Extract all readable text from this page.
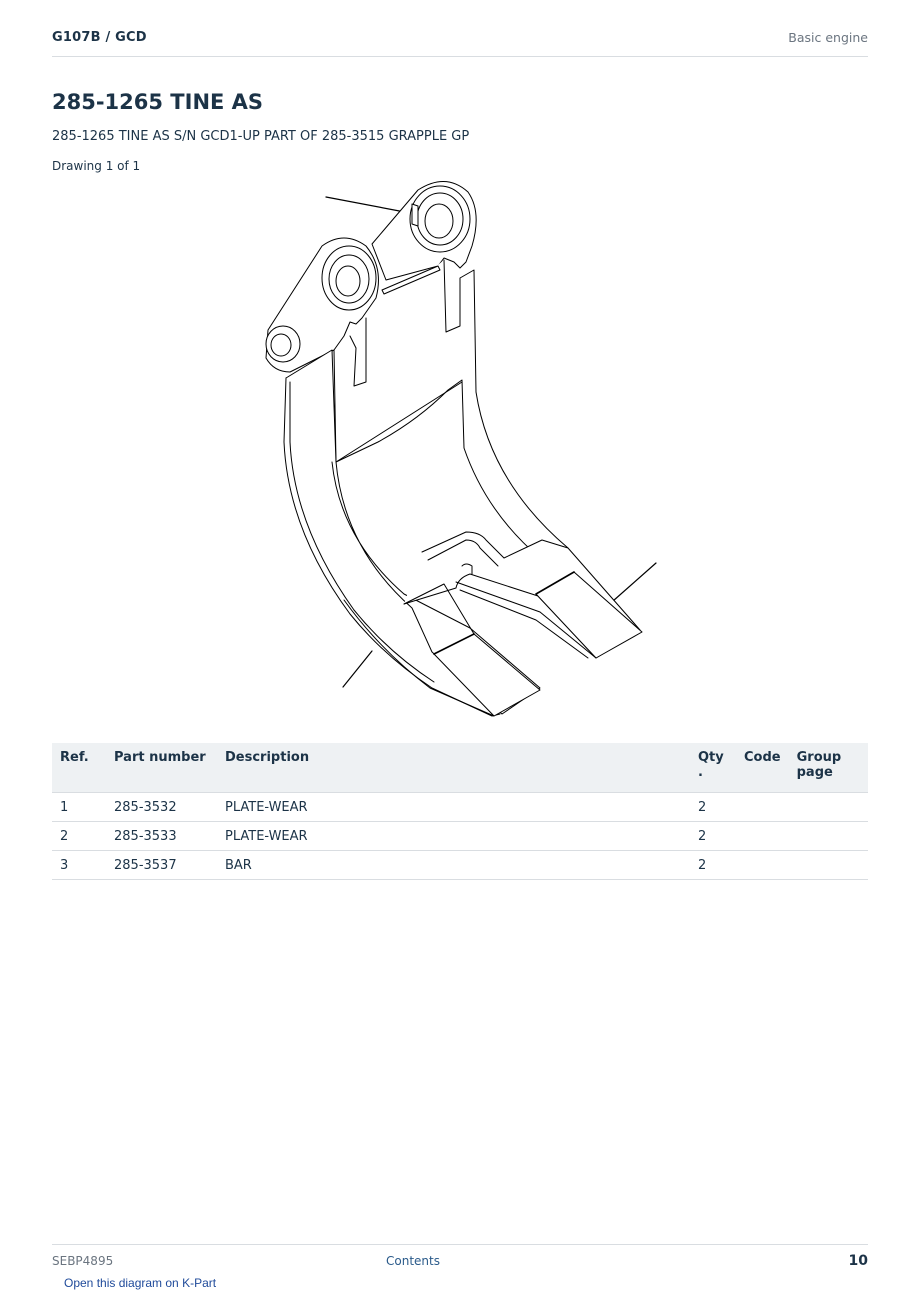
G107B / GCD	Basic engine
285-1265 TINE AS
285-1265 TINE AS S/N GCD1-UP PART OF 285-3515 GRAPPLE GP
Drawing 1 of 1
Ref.	Part number	Description	Qty .	Code	Group page
1	285-3532	PLATE-WEAR	2		
2	285-3533	PLATE-WEAR	2		
3	285-3537	BAR	2		
SEBP4895	Contents	10
Open this diagram on K-Part
